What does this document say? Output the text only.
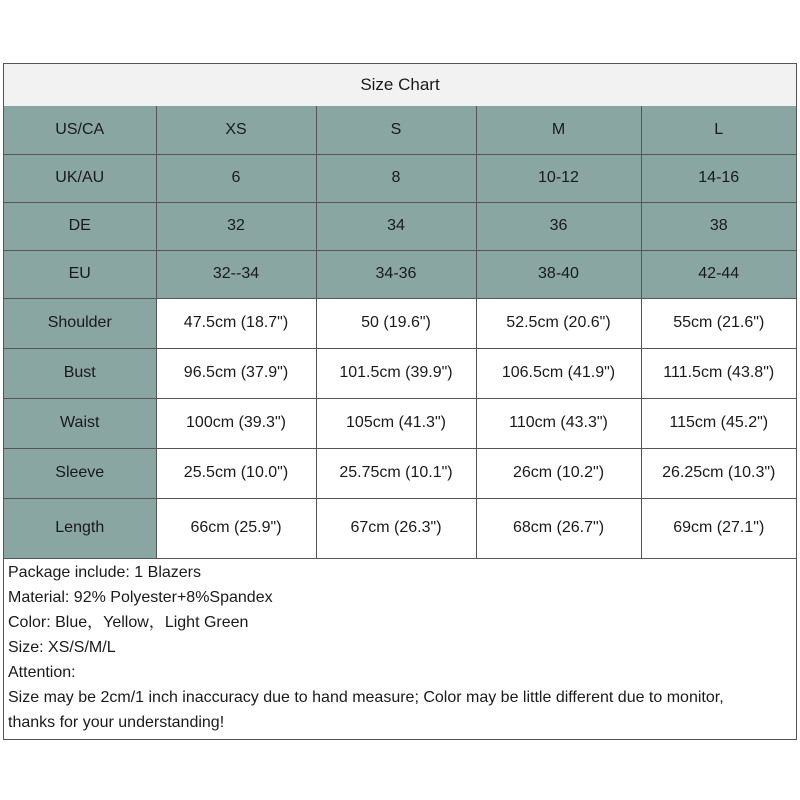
Size Chart
US/CA	XS	S	M	L
UK/AU	6	8	10-12	14-16
DE	32	34	36	38
EU	32--34	34-36	38-40	42-44
Shoulder	47.5cm (18.7")	50 (19.6")	52.5cm (20.6")	55cm (21.6")
Bust	96.5cm (37.9")	101.5cm (39.9")	106.5cm (41.9")	111.5cm (43.8")
Waist	100cm (39.3")	105cm (41.3")	110cm (43.3")	115cm (45.2")
Sleeve	25.5cm (10.0")	25.75cm (10.1")	26cm (10.2")	26.25cm (10.3")
Length	66cm (25.9")	67cm (26.3")	68cm (26.7")	69cm (27.1")
Package include: 1 Blazers
Material: 92% Polyester+8%Spandex
Color: Blue，Yellow，Light Green
Size: XS/S/M/L
Attention:
Size may be 2cm/1 inch inaccuracy due to hand measure; Color may be little different due to monitor,
thanks for your understanding!
